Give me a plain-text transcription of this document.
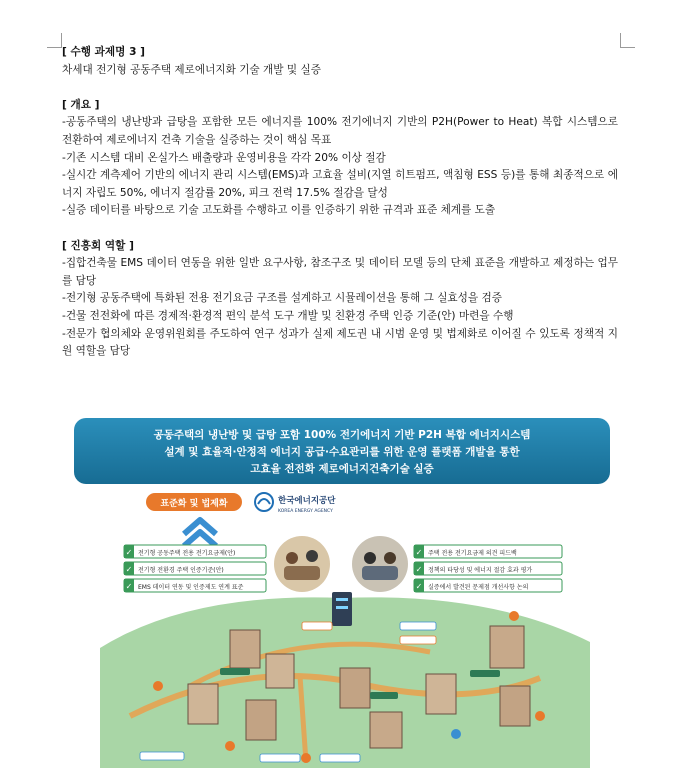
[ 수행 과제명 3 ]

차세대 전기형 공동주택 제로에너지화 기술 개발 및 실증

[ 개요 ]

-공동주택의 냉난방과 급탕을 포함한 모든 에너지를 100% 전기에너지 기반의 P2H(Power to Heat) 복합 시스템으로 전환하여 제로에너지 건축 기술을 실증하는 것이 핵심 목표

-기존 시스템 대비 온실가스 배출량과 운영비용을 각각 20% 이상 절감

-실시간 계측제어 기반의 에너지 관리 시스템(EMS)과 고효율 설비(지열 히트펌프, 액침형 ESS 등)를 통해 최종적으로 에너지 자립도 50%, 에너지 절감률 20%, 피크 전력 17.5% 절감을 달성

-실증 데이터를 바탕으로 기술 고도화를 수행하고 이를 인증하기 위한 규격과 표준 체계를 도출

[ 진흥회 역할 ]

-집합건축물 EMS 데이터 연동을 위한 일반 요구사항, 참조구조 및 데이터 모델 등의 단체 표준을 개발하고 제정하는 업무를 담당

-전기형 공동주택에 특화된 전용 전기요금 구조를 설계하고 시뮬레이션을 통해 그 실효성을 검증

-건물 전전화에 따른 경제적·환경적 편익 분석 도구 개발 및 친환경 주택 인증 기준(안) 마련을 수행

-전문가 협의체와 운영위원회를 주도하여 연구 성과가 실제 제도권 내 시범 운영 및 법제화로 이어질 수 있도록 정책적 지원 역할을 담당

공동주택의 냉난방 및 급탕 포함 100% 전기에너지 기반 P2H 복합 에너지시스템
설계 및 효율적·안정적 에너지 공급·수요관리를 위한 운영 플랫폼 개발을 통한
고효율 전전화 제로에너지건축기술 실증
표준화 및 법제화	한국에너지공단
KOREA ENERGY AGENCY
✓ 전기형 공동주택 전용 전기요금제(안)
✓ 전기형 전환경 주택 인증기준(안)
✓ EMS 데이터 연동 및 인증제도 연계 표준
✓ 주택 전용 전기요금제 의견 피드백
✓ 정책의 타당성 및 에너지 절감 효과 평가
✓ 실증에서 발견된 문제점 개선사항 논의
